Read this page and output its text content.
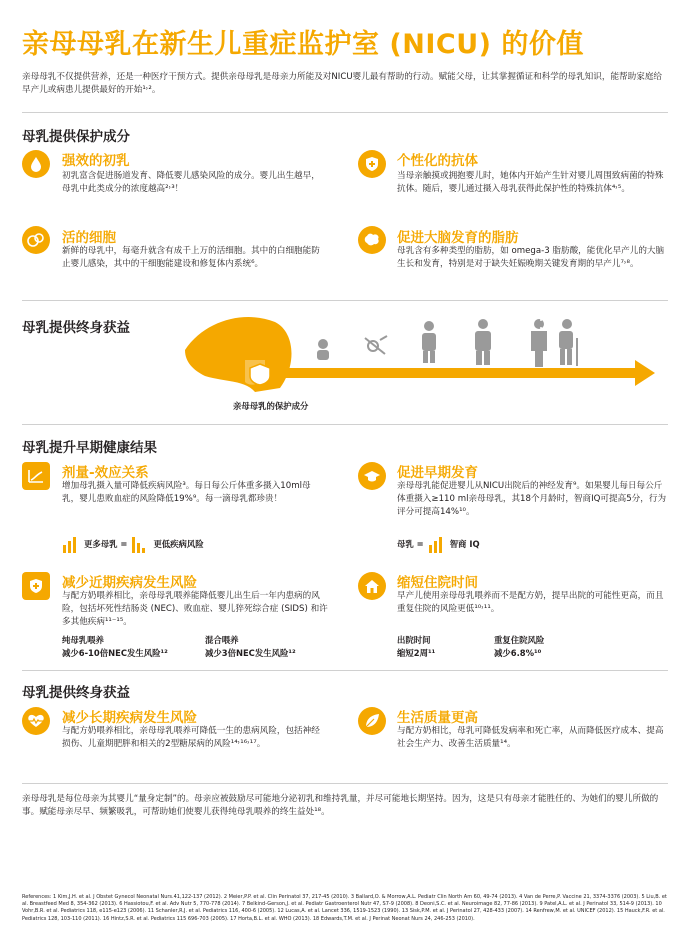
亲母母乳在新生儿重症监护室 (NICU) 的价值
亲母母乳不仅提供营养，还是一种医疗干预方式。提供亲母母乳是母亲力所能及对NICU婴儿最有帮助的行动。赋能父母，让其掌握循证和科学的母乳知识，能帮助家庭给早产儿或病患儿提供最好的开始¹˒²。
母乳提供保护成分
强效的初乳
初乳富含促进肠道发育、降低婴儿感染风险的成分。婴儿出生越早，母乳中此类成分的浓度越高²˒³！
个性化的抗体
当母亲触摸或拥抱婴儿时，她体内开始产生针对婴儿周围致病菌的特殊抗体。随后，婴儿通过摄入母乳获得此保护性的特殊抗体⁴˒⁵。
活的细胞
新鲜的母乳中，每毫升就含有成千上万的活细胞。其中的白细胞能防止婴儿感染，其中的干细胞能建设和修复体内系统⁶。
促进大脑发育的脂肪
母乳含有多种类型的脂肪，如 omega-3 脂肪酸，能优化早产儿的大脑生长和发育，特别是对于缺失妊娠晚期关键发育期的早产儿⁷˒⁸。
母乳提供终身获益
亲母母乳的保护成分
母乳提升早期健康结果
剂量-效应关系
增加母乳摄入量可降低疾病风险³。每日每公斤体重多摄入10ml母乳，婴儿患败血症的风险降低19%⁹。每一滴母乳都珍贵！
更多母乳 =	更低疾病风险
促进早期发育
亲母母乳能促进婴儿从NICU出院后的神经发育⁹。如果婴儿每日每公斤体重摄入≥110 ml亲母母乳，其18个月龄时，智商IQ可提高5分，行为评分可提高14%¹⁰。
母乳 =	智商 IQ
减少近期疾病发生风险
与配方奶喂养相比，亲母母乳喂养能降低婴儿出生后一年内患病的风险，包括坏死性结肠炎 (NEC)、败血症、婴儿猝死综合症 (SIDS) 和许多其他疾病¹¹⁻¹⁵。
纯母乳喂养
减少6-10倍NEC发生风险¹²
混合喂养
减少3倍NEC发生风险¹²
缩短住院时间
早产儿使用亲母母乳喂养而不是配方奶，提早出院的可能性更高，而且重复住院的风险更低¹⁰˒¹¹。
出院时间
缩短2周¹¹
重复住院风险
减少6.8%¹⁰
母乳提供终身获益
减少长期疾病发生风险
与配方奶喂养相比，亲母母乳喂养可降低一生的患病风险，包括神经损伤、儿童期肥胖和相关的2型糖尿病的风险¹⁴˒¹⁶˒¹⁷。
生活质量更高
与配方奶相比，母乳可降低发病率和死亡率，从而降低医疗成本、提高社会生产力、改善生活质量¹⁴。
亲母母乳是每位母亲为其婴儿“量身定制”的。母亲应被鼓励尽可能地分泌初乳和维持乳量，并尽可能地长期坚持。因为，这是只有母亲才能胜任的、为她们的婴儿所做的事。赋能母亲尽早、频繁吸乳，可帮助她们使婴儿获得纯母乳喂养的终生益处¹⁸。
References: 1 Kim,J.H. et al. J Obstet Gynecol Neonatal Nurs.41,122-137 (2012). 2 Meier,P.P. et al. Clin Perinatol 37, 217-45 (2010). 3 Ballard,O. & Morrow,A.L. Pediatr Clin North Am 60, 49-74 (2013). 4 Van de Perre,P. Vaccine 21, 3374-3376 (2003). 5 Liu,B. et al. Breastfeed Med 8, 354-362 (2013). 6 Hassiotou,F. et al. Adv Nutr 5, 770-778 (2014). 7 Belkind-Gerson,J. et al. Pediatr Gastroenterol Nutr 47, S7-9 (2008). 8 Deoni,S.C. et al. Neuroimage 82, 77-86 (2013). 9 Patel,A.L. et al. J Perinatol 33, 514-9 (2013). 10 Vohr,B.R. et al. Pediatrics 118, e115-e123 (2006). 11 Schanler,R.J. et al. Pediatrics 116, 400-6 (2005). 12 Lucas,A. et al. Lancet 336, 1519-1523 (1990). 13 Sisk,P.M. et al. J Perinatol 27, 428-433 (2007). 14 Renfrew,M. et al. UNICEF (2012). 15 Hauck,F.R. et al. Pediatrics 128, 103-110 (2011). 16 Hintz,S.R. et al. Pediatrics 115 696-703 (2005). 17 Horta,B.L. et al. WHO (2013). 18 Edwards,T.M. et al. J Perinat Neonat Nurs 24, 246-253 (2010).
